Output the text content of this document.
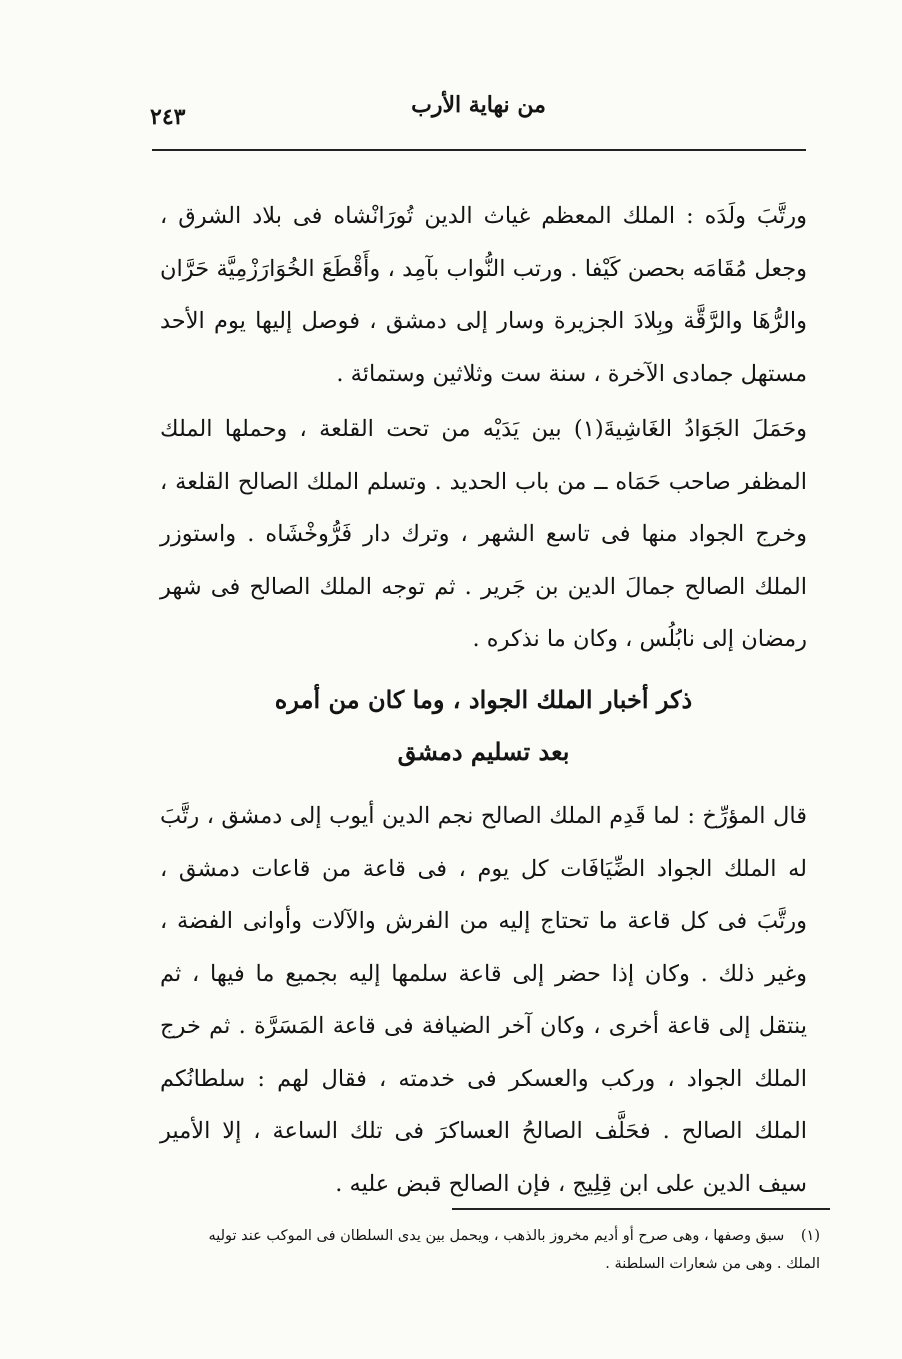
من نهاية الأرب
٢٤٣

ورتَّبَ ولَدَه : الملك المعظم غياث الدين تُورَانْشاه فى بلاد الشرق ، وجعل مُقَامَه بحصن كَيْفا . ورتب النُّواب بآمِد ، وأَقْطَعَ الخُوَارَزْمِيَّة حَرَّان والرُّهَا والرَّقَّة وبِلادَ الجزيرة وسار إلى دمشق ، فوصل إليها يوم الأحد مستهل جمادى الآخرة ، سنة ست وثلاثين وستمائة .

وحَمَلَ الجَوَادُ الغَاشِيةَ(١) بين يَدَيْه من تحت القلعة ، وحملها الملك المظفر صاحب حَمَاه ــ من باب الحديد . وتسلم الملك الصالح القلعة ، وخرج الجواد منها فى تاسع الشهر ، وترك دار فَرُّوخْشَاه . واستوزر الملك الصالح جمالَ الدين بن جَرير . ثم توجه الملك الصالح فى شهر رمضان إلى نابُلُس ، وكان ما نذكره .

ذكر أخبار الملك الجواد ، وما كان من أمره
بعد تسليم دمشق

قال المؤرِّخ : لما قَدِم الملك الصالح نجم الدين أيوب إلى دمشق ، رتَّبَ له الملك الجواد الضِّيَافَات كل يوم ، فى قاعة من قاعات دمشق ، ورتَّبَ فى كل قاعة ما تحتاج إليه من الفرش والآلات وأوانى الفضة ، وغير ذلك . وكان إذا حضر إلى قاعة سلمها إليه بجميع ما فيها ، ثم ينتقل إلى قاعة أخرى ، وكان آخر الضيافة فى قاعة المَسَرَّة . ثم خرج الملك الجواد ، وركب والعسكر فى خدمته ، فقال لهم : سلطانُكم الملك الصالح . فحَلَّف الصالحُ العساكرَ فى تلك الساعة ، إلا الأمير سيف الدين على ابن قِلِيج ، فإن الصالح قبض عليه .

(١) سبق وصفها ، وهى صرح أو أديم مخروز بالذهب ، ويحمل بين يدى السلطان فى الموكب عند توليه الملك . وهى من شعارات السلطنة .
